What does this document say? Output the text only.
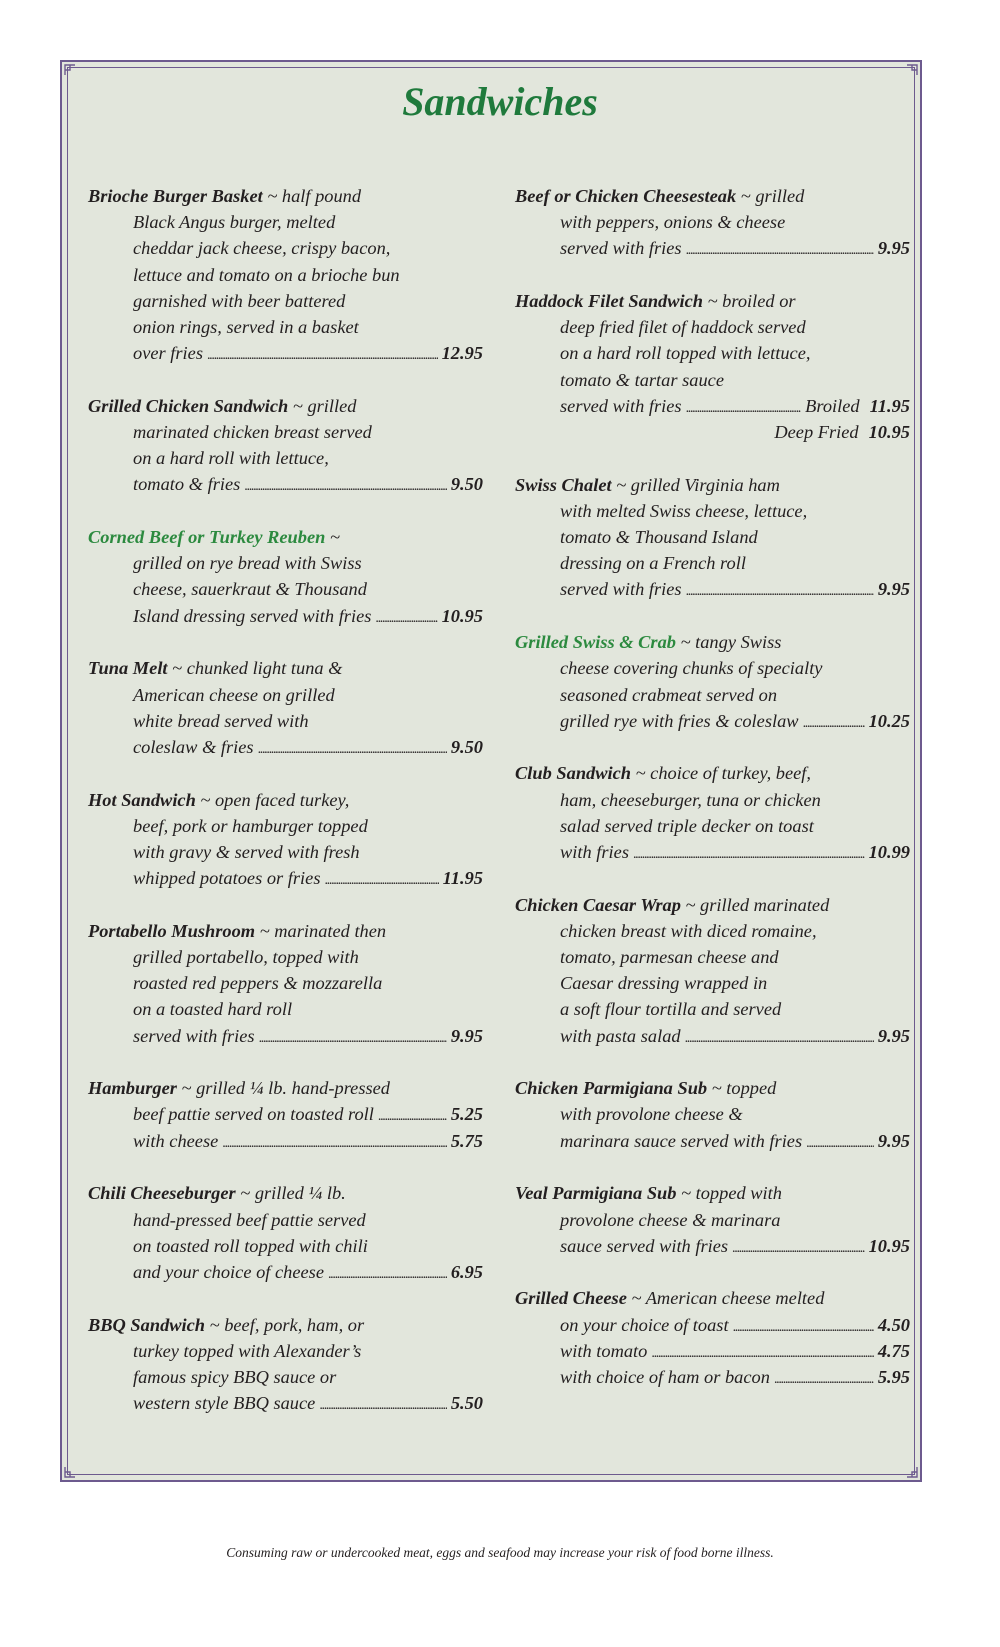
Sandwiches
Brioche Burger Basket ~ half pound
Black Angus burger, melted
cheddar jack cheese, crispy bacon,
lettuce and tomato on a brioche bun
garnished with beer battered
onion rings, served in a basket
over fries . . .	12.95
Grilled Chicken Sandwich ~ grilled
marinated chicken breast served
on a hard roll with lettuce,
tomato & fries . . .	9.50
Corned Beef or Turkey Reuben ~
grilled on rye bread with Swiss
cheese, sauerkraut & Thousand
Island dressing served with fries . . .	10.95
Tuna Melt ~ chunked light tuna &
American cheese on grilled
white bread served with
coleslaw & fries . . .	9.50
Hot Sandwich ~ open faced turkey,
beef, pork or hamburger topped
with gravy & served with fresh
whipped potatoes or fries . . .	11.95
Portabello Mushroom ~ marinated then
grilled portabello, topped with
roasted red peppers & mozzarella
on a toasted hard roll
served with fries . . .	9.95
Hamburger ~ grilled ¼ lb. hand-pressed
beef pattie served on toasted roll . . .	5.25
with cheese . . .	5.75
Chili Cheeseburger ~ grilled ¼ lb.
hand-pressed beef pattie served
on toasted roll topped with chili
and your choice of cheese . . .	6.95
BBQ Sandwich ~ beef, pork, ham, or
turkey topped with Alexander’s
famous spicy BBQ sauce or
western style BBQ sauce . . .	5.50
Beef or Chicken Cheesesteak ~ grilled
with peppers, onions & cheese
served with fries . . .	9.95
Haddock Filet Sandwich ~ broiled or
deep fried filet of haddock served
on a hard roll topped with lettuce,
tomato & tartar sauce
served with fries . . .	Broiled 11.95
Deep Fried 10.95
Swiss Chalet ~ grilled Virginia ham
with melted Swiss cheese, lettuce,
tomato & Thousand Island
dressing on a French roll
served with fries . . .	9.95
Grilled Swiss & Crab ~ tangy Swiss
cheese covering chunks of specialty
seasoned crabmeat served on
grilled rye with fries & coleslaw . . .	10.25
Club Sandwich ~ choice of turkey, beef,
ham, cheeseburger, tuna or chicken
salad served triple decker on toast
with fries . . .	10.99
Chicken Caesar Wrap ~ grilled marinated
chicken breast with diced romaine,
tomato, parmesan cheese and
Caesar dressing wrapped in
a soft flour tortilla and served
with pasta salad . . .	9.95
Chicken Parmigiana Sub ~ topped
with provolone cheese &
marinara sauce served with fries . . .	9.95
Veal Parmigiana Sub ~ topped with
provolone cheese & marinara
sauce served with fries . . .	10.95
Grilled Cheese ~ American cheese melted
on your choice of toast . . .	4.50
with tomato . . .	4.75
with choice of ham or bacon . . .	5.95
Consuming raw or undercooked meat, eggs and seafood may increase your risk of food borne illness.
